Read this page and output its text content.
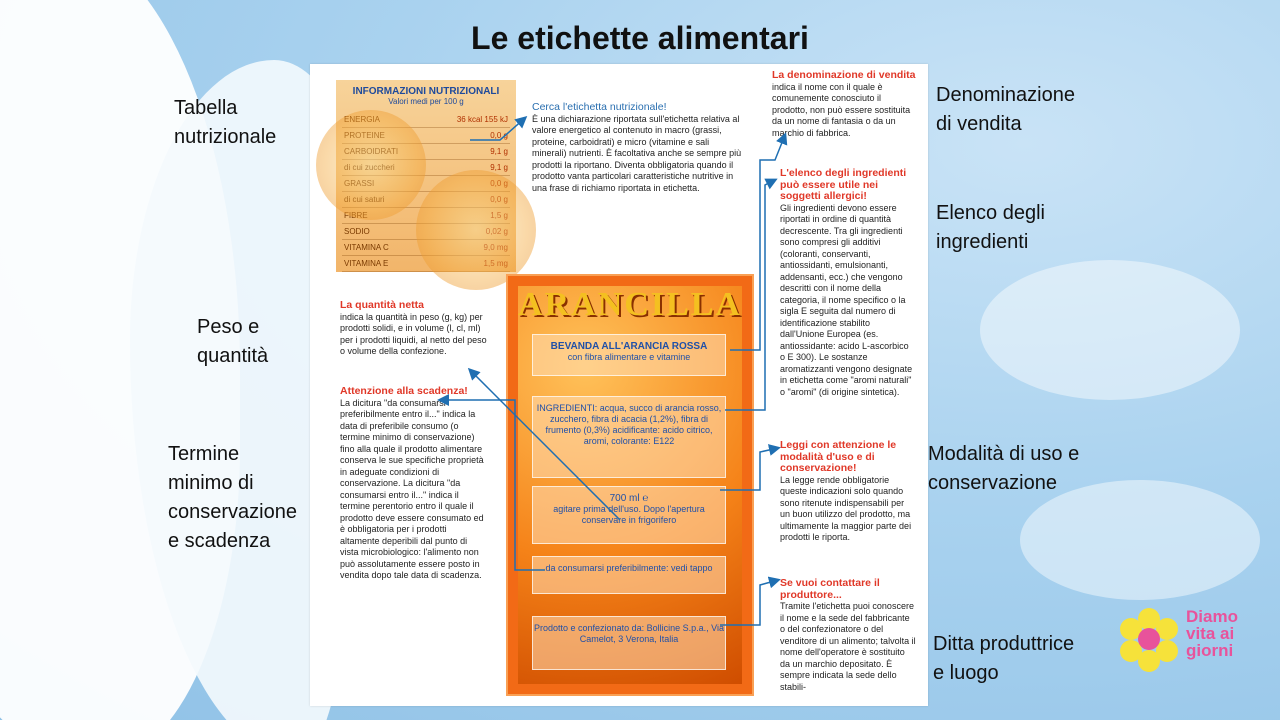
Le etichette alimentari
Tabella
nutrizionale
Denominazione
di vendita
Elenco degli
ingredienti
Peso e
quantità
Termine
minimo di
conservazione
e scadenza
Modalità di uso e
conservazione
Ditta produttrice
e luogo
INFORMAZIONI NUTRIZIONALI
Valori medi per 100 g
ENERGIA	36 kcal 155 kJ
PROTEINE	0,0 g
CARBOIDRATI	9,1 g
di cui zuccheri	9,1 g
GRASSI	0,0 g
di cui saturi	0,0 g
FIBRE	1,5 g
SODIO	0,02 g
VITAMINA C	9,0 mg
VITAMINA E	1,5 mg
Cerca l'etichetta nutrizionale!
È una dichiarazione riportata sull'etichetta relativa al valore energetico al contenuto in macro (grassi, proteine, carboidrati) e micro (vitamine e sali minerali) nutrienti. È facoltativa anche se sempre più prodotti la riportano. Diventa obbligatoria quando il prodotto vanta particolari caratteristiche nutritive in una frase di richiamo riportata in etichetta.
La denominazione di vendita
indica il nome con il quale è comunemente conosciuto il prodotto, non può essere sostituita da un nome di fantasia o da un marchio di fabbrica.
L'elenco degli ingredienti può essere utile nei soggetti allergici!
Gli ingredienti devono essere riportati in ordine di quantità decrescente. Tra gli ingredienti sono compresi gli additivi (coloranti, conservanti, antiossidanti, emulsionanti, addensanti, ecc.) che vengono descritti con il nome della categoria, il nome specifico o la sigla E seguita dal numero di identificazione stabilito dall'Unione Europea (es. antiossidante: acido L-ascorbico o E 300). Le sostanze aromatizzanti vengono designate in etichetta come "aromi naturali" o "aromi" (di origine sintetica).
La quantità netta
indica la quantità in peso (g, kg) per prodotti solidi, e in volume (l, cl, ml) per i prodotti liquidi, al netto del peso o volume della confezione.
Attenzione alla scadenza!
La dicitura "da consumarsi preferibilmente entro il..." indica la data di preferibile consumo (o termine minimo di conservazione) fino alla quale il prodotto alimentare conserva le sue specifiche proprietà in adeguate condizioni di conservazione. La dicitura "da consumarsi entro il..." indica il termine perentorio entro il quale il prodotto deve essere consumato ed è obbligatoria per i prodotti altamente deperibili dal punto di vista microbiologico: l'alimento non può assolutamente essere posto in vendita dopo tale data di scadenza.
Leggi con attenzione le modalità d'uso e di conservazione!
La legge rende obbligatorie queste indicazioni solo quando sono ritenute indispensabili per un buon utilizzo del prodotto, ma ultimamente la maggior parte dei prodotti le riporta.
Se vuoi contattare il produttore...
Tramite l'etichetta puoi conoscere il nome e la sede del fabbricante o del confezionatore o del venditore di un alimento; talvolta il nome dell'operatore è sostituito da un marchio depositato. È sempre indicata la sede dello stabili-
ARANCILLA
BEVANDA ALL'ARANCIA ROSSA
con fibra alimentare e vitamine
INGREDIENTI: acqua, succo di arancia rosso, zucchero, fibra di acacia (1,2%), fibra di frumento (0,3%) acidificante: acido citrico, aromi, colorante: E122
700 ml ℮
agitare prima dell'uso. Dopo l'apertura conservare in frigorifero
da consumarsi preferibilmente: vedi tappo
Prodotto e confezionato da: Bollicine S.p.a., Via Camelot, 3 Verona, Italia
Diamo vita ai giorni
